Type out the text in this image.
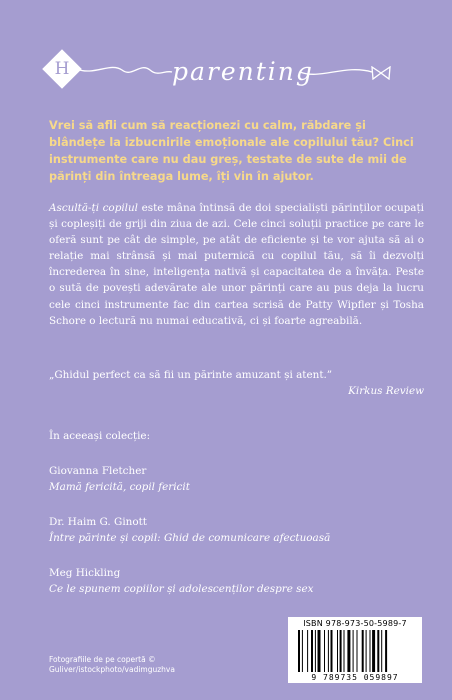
H	parenting
Vrei să afli cum să reacționezi cu calm, răbdare și blândețe la izbucnirile emoționale ale copilului tău? Cinci instrumente care nu dau greș, testate de sute de mii de părinți din întreaga lume, îți vin în ajutor.
Ascultă-ți copilul este mâna întinsă de doi specialiști părinților ocupați și copleșiți de griji din ziua de azi. Cele cinci soluții practice pe care le oferă sunt pe cât de simple, pe atât de eficiente și te vor ajuta să ai o relație mai strânsă și mai puternică cu copilul tău, să îi dezvolți încrederea în sine, inteligența nativă și capacitatea de a învăța. Peste o sută de povești adevărate ale unor părinți care au pus deja la lucru cele cinci instrumente fac din cartea scrisă de Patty Wipfler și Tosha Schore o lectură nu numai educativă, ci și foarte agreabilă.
„Ghidul perfect ca să fii un părinte amuzant și atent.”
Kirkus Review
În aceeași colecție:
Giovanna Fletcher
Mamă fericită, copil fericit
Dr. Haim G. Ginott
Între părinte și copil: Ghid de comunicare afectuoasă
Meg Hickling
Ce le spunem copiilor și adolescenților despre sex
Fotografiile de pe copertă ©
Guliver/istockphoto/vadimguzhva
ISBN 978-973-50-5989-7
9 789735 059897
